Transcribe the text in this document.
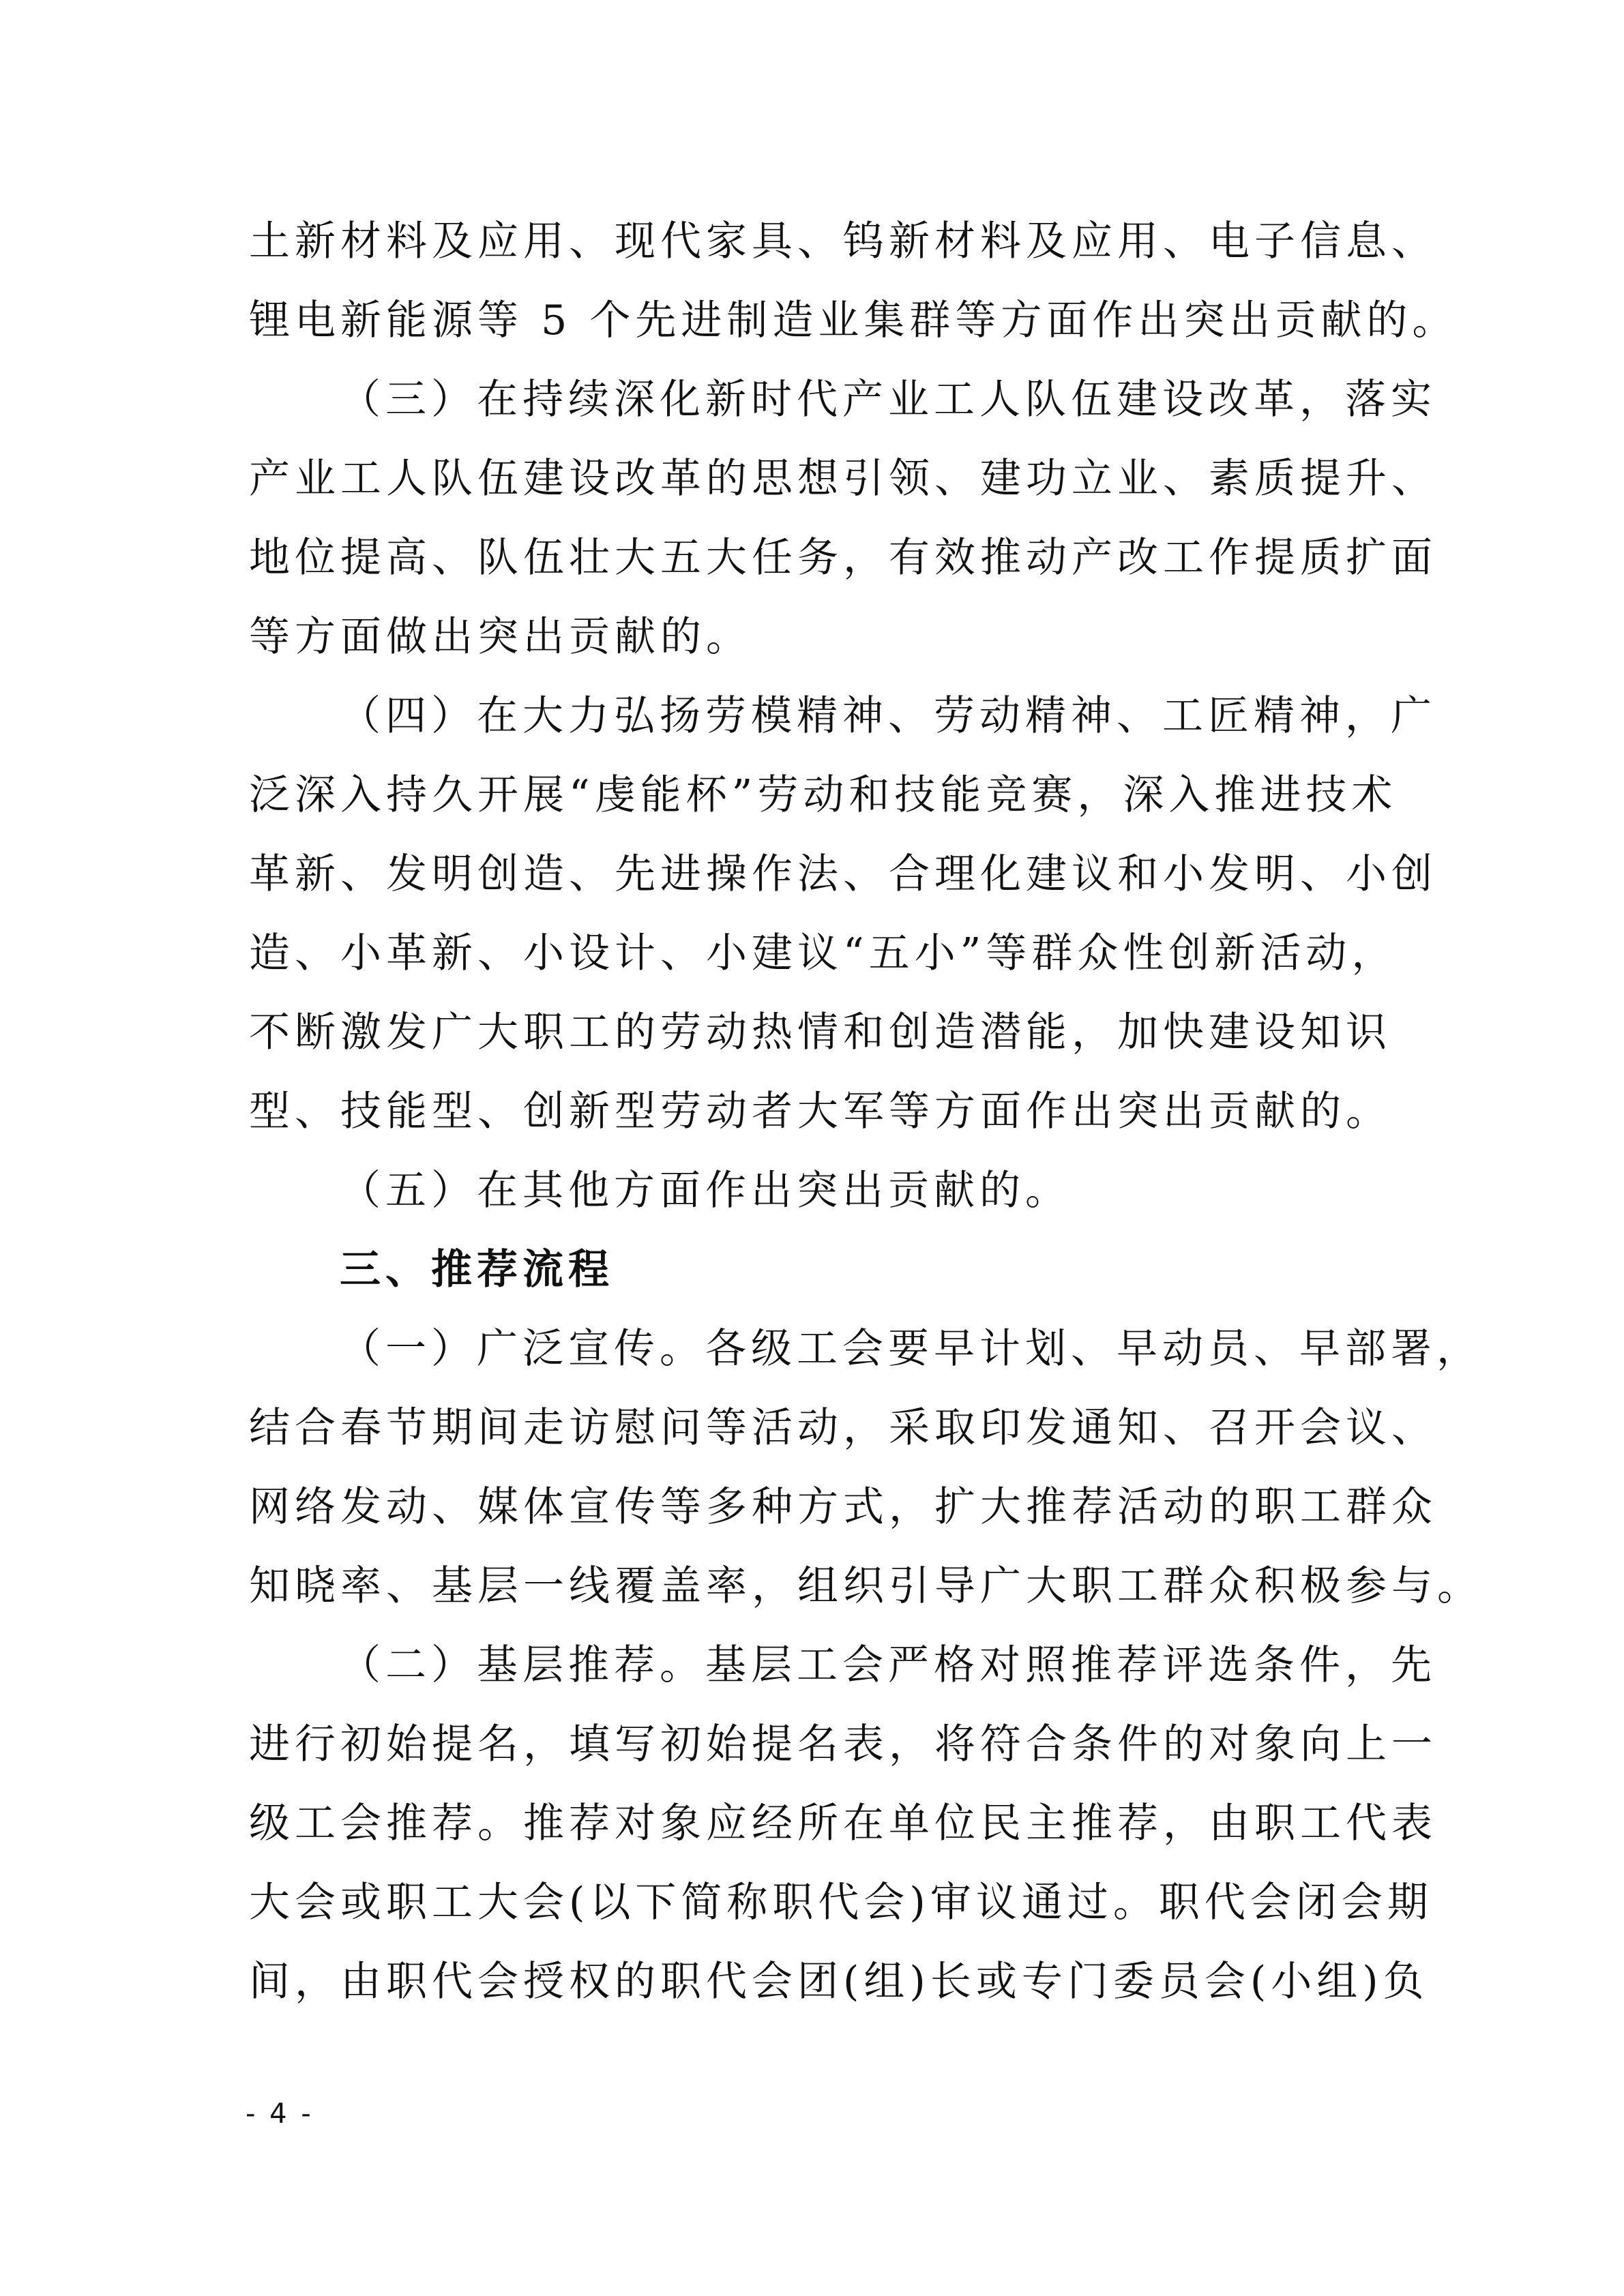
土新材料及应用、现代家具、钨新材料及应用、电子信息、
锂电新能源等 5 个先进制造业集群等方面作出突出贡献的。
（三）在持续深化新时代产业工人队伍建设改革，落实
产业工人队伍建设改革的思想引领、建功立业、素质提升、
地位提高、队伍壮大五大任务，有效推动产改工作提质扩面
等方面做出突出贡献的。
（四）在大力弘扬劳模精神、劳动精神、工匠精神，广
泛深入持久开展“虔能杯”劳动和技能竞赛，深入推进技术
革新、发明创造、先进操作法、合理化建议和小发明、小创
造、小革新、小设计、小建议“五小”等群众性创新活动，
不断激发广大职工的劳动热情和创造潜能，加快建设知识
型、技能型、创新型劳动者大军等方面作出突出贡献的。
（五）在其他方面作出突出贡献的。
三、推荐流程
（一）广泛宣传。各级工会要早计划、早动员、早部署，
结合春节期间走访慰问等活动，采取印发通知、召开会议、
网络发动、媒体宣传等多种方式，扩大推荐活动的职工群众
知晓率、基层一线覆盖率，组织引导广大职工群众积极参与。
（二）基层推荐。基层工会严格对照推荐评选条件，先
进行初始提名，填写初始提名表，将符合条件的对象向上一
级工会推荐。推荐对象应经所在单位民主推荐，由职工代表
大会或职工大会(以下简称职代会)审议通过。职代会闭会期
间，由职代会授权的职代会团(组)长或专门委员会(小组)负
- 4 -
